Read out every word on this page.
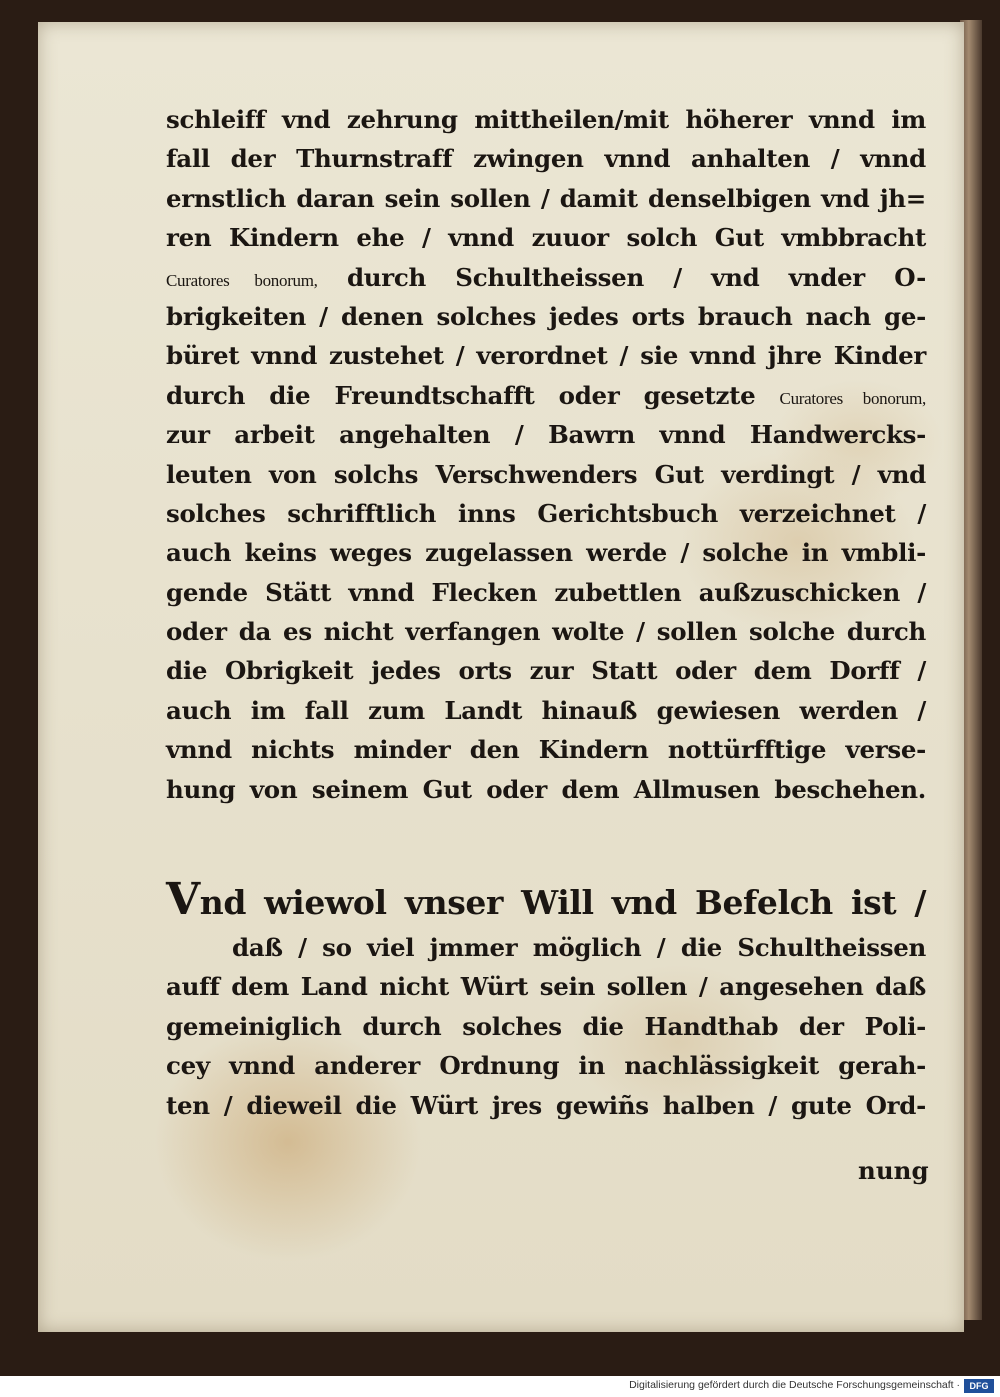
schleiff vnd zehrung mittheilen/mit höherer vnnd im
fall der Thurnstraff zwingen vnnd anhalten / vnnd
ernstlich daran sein sollen / damit denselbigen vnd jh=
ren Kindern ehe / vnnd zuuor solch Gut vmbbracht
Curatores bonorum, durch Schultheissen / vnd vnder O-
brigkeiten / denen solches jedes orts brauch nach ge-
büret vnnd zustehet / verordnet / sie vnnd jhre Kinder
durch die Freundtschafft oder gesetzte Curatores bonorum,
zur arbeit angehalten / Bawrn vnnd Handwercks-
leuten von solchs Verschwenders Gut verdingt / vnd
solches schrifftlich inns Gerichtsbuch verzeichnet /
auch keins weges zugelassen werde / solche in vmbli-
gende Stätt vnnd Flecken zubettlen außzuschicken /
oder da es nicht verfangen wolte / sollen solche durch
die Obrigkeit jedes orts zur Statt oder dem Dorff /
auch im fall zum Landt hinauß gewiesen werden /
vnnd nichts minder den Kindern nottürfftige verse-
hung von seinem Gut oder dem Allmusen beschehen.
Vnd wiewol vnser Will vnd Befelch ist /
daß / so viel jmmer möglich / die Schultheissen
auff dem Land nicht Würt sein sollen / angesehen daß
gemeiniglich durch solches die Handthab der Poli-
cey vnnd anderer Ordnung in nachlässigkeit gerah-
ten / dieweil die Würt jres gewiñs halben / gute Ord-
nung
Digitalisierung gefördert durch die Deutsche Forschungsgemeinschaft ·	DFG
